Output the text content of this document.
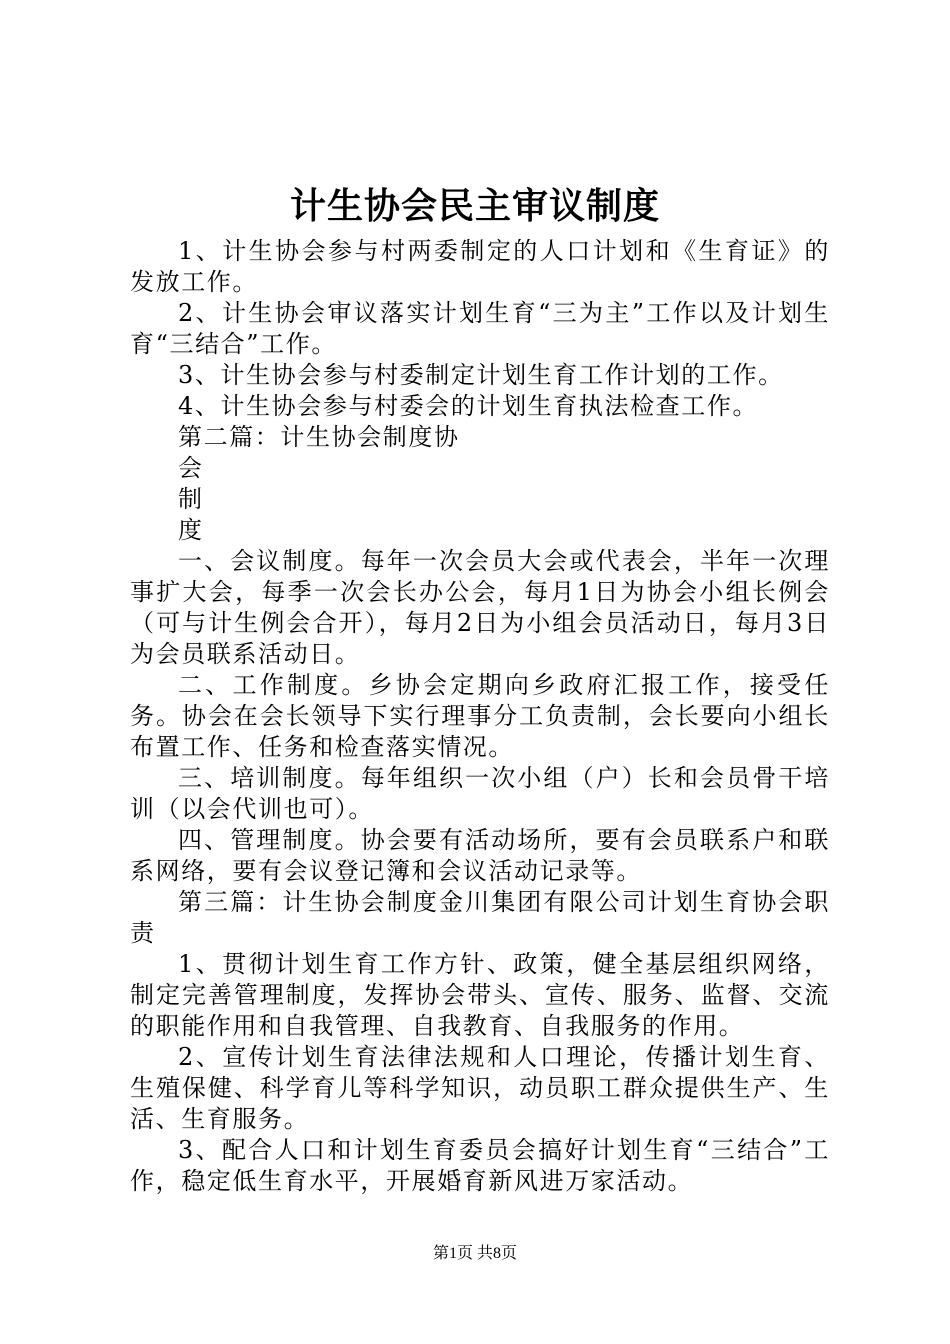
计生协会民主审议制度

1、计生协会参与村两委制定的人口计划和《生育证》的发放工作。

2、计生协会审议落实计划生育“三为主”工作以及计划生育“三结合”工作。

3、计生协会参与村委制定计划生育工作计划的工作。

4、计生协会参与村委会的计划生育执法检查工作。

第二篇：计生协会制度协

会

制

度

一、会议制度。每年一次会员大会或代表会，半年一次理事扩大会，每季一次会长办公会，每月1日为协会小组长例会（可与计生例会合开），每月2日为小组会员活动日，每月3日为会员联系活动日。

二、工作制度。乡协会定期向乡政府汇报工作，接受任务。协会在会长领导下实行理事分工负责制，会长要向小组长布置工作、任务和检查落实情况。

三、培训制度。每年组织一次小组（户）长和会员骨干培训（以会代训也可）。

四、管理制度。协会要有活动场所，要有会员联系户和联系网络，要有会议登记簿和会议活动记录等。

第三篇：计生协会制度金川集团有限公司计划生育协会职责

1、贯彻计划生育工作方针、政策，健全基层组织网络，制定完善管理制度，发挥协会带头、宣传、服务、监督、交流的职能作用和自我管理、自我教育、自我服务的作用。

2、宣传计划生育法律法规和人口理论，传播计划生育、生殖保健、科学育儿等科学知识，动员职工群众提供生产、生活、生育服务。

3、配合人口和计划生育委员会搞好计划生育“三结合”工作，稳定低生育水平，开展婚育新风进万家活动。

第1页 共8页
